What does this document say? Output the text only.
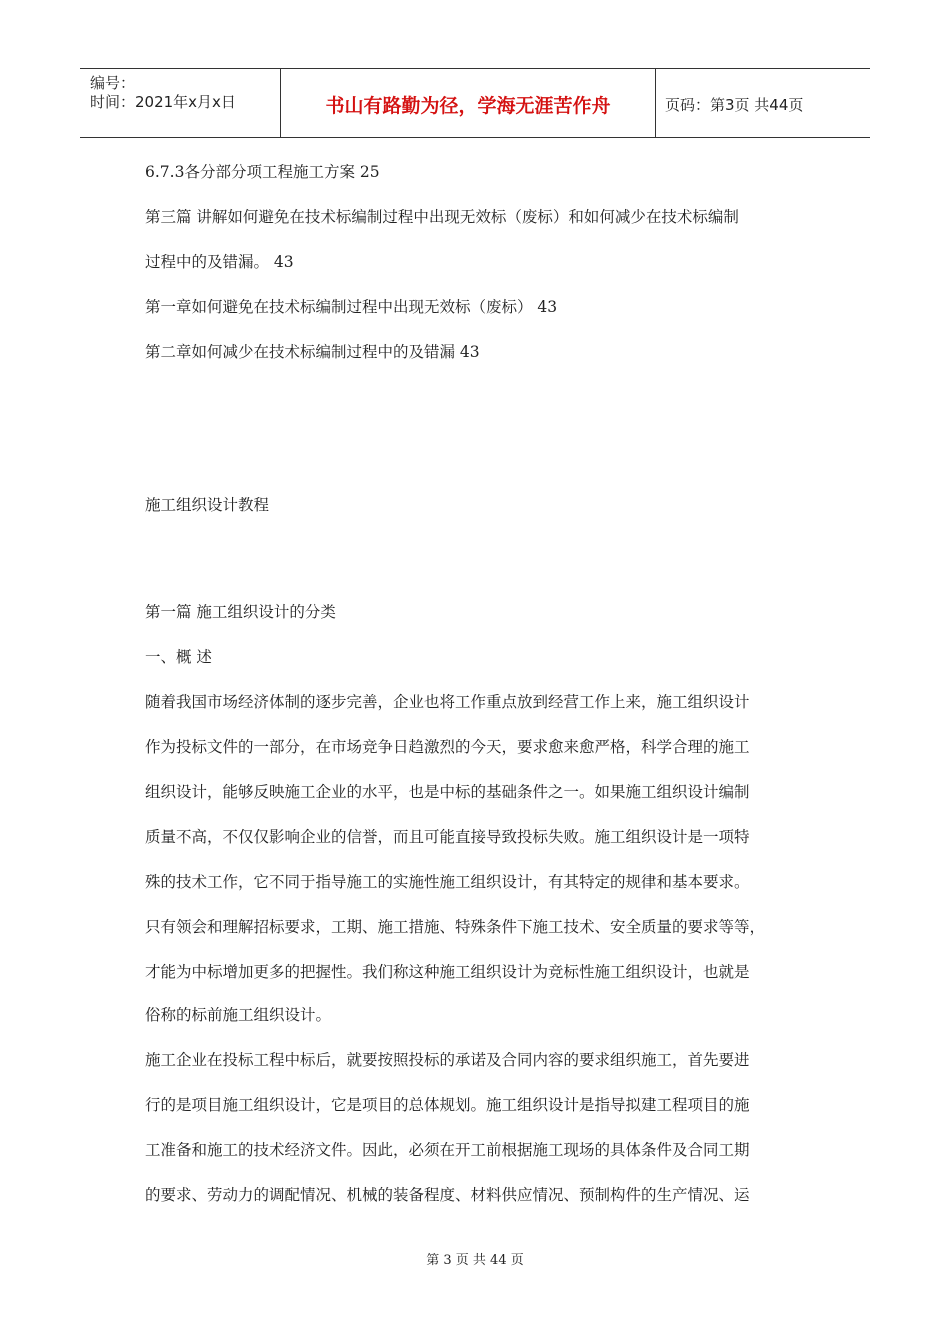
编号：
时间：2021年x月x日	书山有路勤为径，学海无涯苦作舟	页码：第3页 共44页
6.7.3各分部分项工程施工方案 25
第三篇 讲解如何避免在技术标编制过程中出现无效标（废标）和如何减少在技术标编制
过程中的及错漏。 43
第一章如何避免在技术标编制过程中出现无效标（废标） 43
第二章如何减少在技术标编制过程中的及错漏 43
施工组织设计教程
第一篇 施工组织设计的分类
一、概 述
随着我国市场经济体制的逐步完善，企业也将工作重点放到经营工作上来，施工组织设计
作为投标文件的一部分，在市场竞争日趋激烈的今天，要求愈来愈严格，科学合理的施工
组织设计，能够反映施工企业的水平，也是中标的基础条件之一。如果施工组织设计编制
质量不高，不仅仅影响企业的信誉，而且可能直接导致投标失败。施工组织设计是一项特
殊的技术工作，它不同于指导施工的实施性施工组织设计，有其特定的规律和基本要求。
只有领会和理解招标要求，工期、施工措施、特殊条件下施工技术、安全质量的要求等等，
才能为中标增加更多的把握性。我们称这种施工组织设计为竞标性施工组织设计，也就是
俗称的标前施工组织设计。
施工企业在投标工程中标后，就要按照投标的承诺及合同内容的要求组织施工，首先要进
行的是项目施工组织设计，它是项目的总体规划。施工组织设计是指导拟建工程项目的施
工准备和施工的技术经济文件。因此，必须在开工前根据施工现场的具体条件及合同工期
的要求、劳动力的调配情况、机械的装备程度、材料供应情况、预制构件的生产情况、运
第 3 页 共 44 页
